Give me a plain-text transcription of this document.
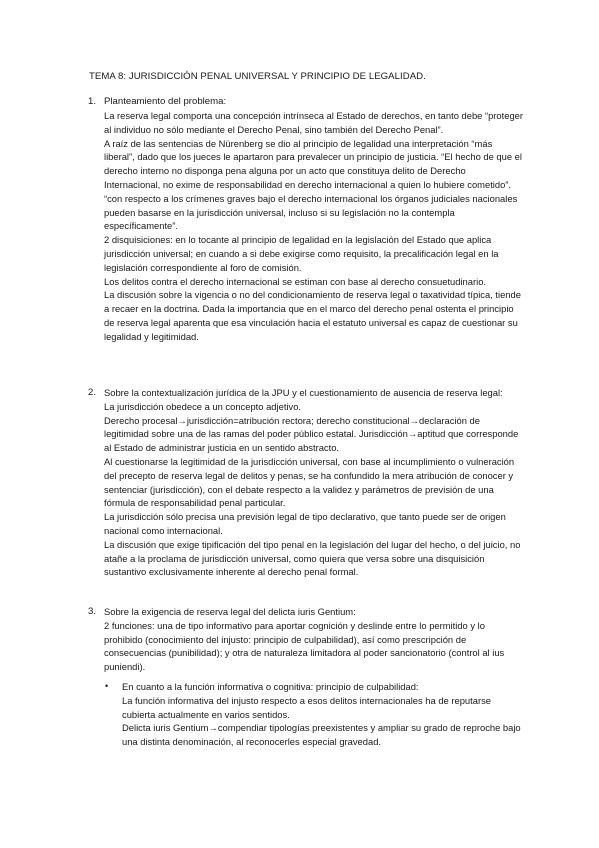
TEMA 8: JURISDICCIÓN PENAL UNIVERSAL Y PRINCIPIO DE LEGALIDAD.
1. Planteamiento del problema:

La reserva legal comporta una concepción intrínseca al Estado de derechos, en tanto debe “proteger al individuo no sólo mediante el Derecho Penal, sino también del Derecho Penal”.

A raíz de las sentencias de Nürenberg se dio al principio de legalidad una interpretación “más liberal”, dado que los jueces le apartaron para prevalecer un principio de justicia. “El hecho de que el derecho interno no disponga pena alguna por un acto que constituya delito de Derecho Internacional, no exime de responsabilidad en derecho internacional a quien lo hubiere cometido”. “con respecto a los crímenes graves bajo el derecho internacional los órganos judiciales nacionales pueden basarse en la jurisdicción universal, incluso si su legislación no la contempla específicamente”.

2 disquisiciones: en lo tocante al principio de legalidad en la legislación del Estado que aplica jurisdicción universal; en cuando a si debe exigirse como requisito, la precalificación legal en la legislación correspondiente al foro de comisión.

Los delitos contra el derecho internacional se estiman con base al derecho consuetudinario.

La discusión sobre la vigencia o no del condicionamiento de reserva legal o taxatividad típica, tiende a recaer en la doctrina. Dada la importancia que en el marco del derecho penal ostenta el principio de reserva legal aparenta que esa vinculación hacia el estatuto universal es capaz de cuestionar su legalidad y legitimidad.

2. Sobre la contextualización jurídica de la JPU y el cuestionamiento de ausencia de reserva legal:

La jurisdicción obedece a un concepto adjetivo.

Derecho procesal→jurisdicción=atribución rectora; derecho constitucional→declaración de legitimidad sobre una de las ramas del poder público estatal. Jurisdicción→aptitud que corresponde al Estado de administrar justicia en un sentido abstracto.

Al cuestionarse la legitimidad de la jurisdicción universal, con base al incumplimiento o vulneración del precepto de reserva legal de delitos y penas, se ha confundido la mera atribución de conocer y sentenciar (jurisdicción), con el debate respecto a la validez y parámetros de previsión de una fórmula de responsabilidad penal particular.

La jurisdicción sólo precisa una previsión legal de tipo declarativo, que tanto puede ser de origen nacional como internacional.

La discusión que exige tipificación del tipo penal en la legislación del lugar del hecho, o del juicio, no atañe a la proclama de jurisdicción universal, como quiera que versa sobre una disquisición sustantivo exclusivamente inherente al derecho penal formal.

3. Sobre la exigencia de reserva legal del delicta iuris Gentium:

2 funciones: una de tipo informativo para aportar cognición y deslinde entre lo permitido y lo prohibido (conocimiento del injusto: principio de culpabilidad), así como prescripción de consecuencias (punibilidad); y otra de naturaleza limitadora al poder sancionatorio (control al ius puniendi).

• En cuanto a la función informativa o cognitiva: principio de culpabilidad:

La función informativa del injusto respecto a esos delitos internacionales ha de reputarse cubierta actualmente en varios sentidos.

Delicta iuris Gentium→compendiar tipologías preexistentes y ampliar su grado de reproche bajo una distinta denominación, al reconocerles especial gravedad.
